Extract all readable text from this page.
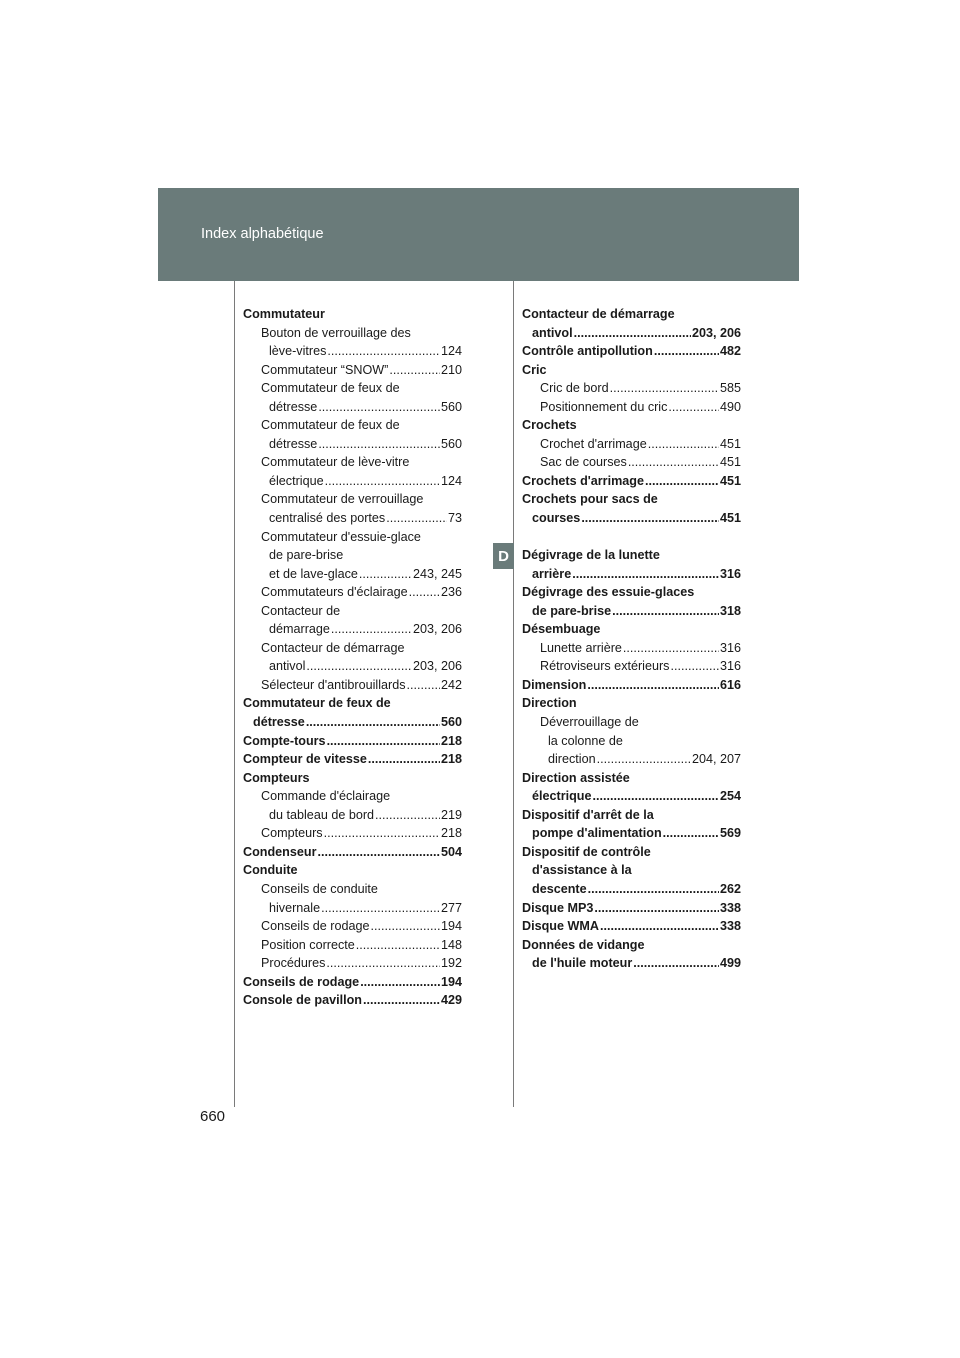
Index alphabétique
D
Commutateur
Bouton de verrouillage des
lève-vitres .....	124
Commutateur “SNOW” .....	210
Commutateur de feux de
détresse .....	560
Commutateur de feux de
détresse .....	560
Commutateur de lève-vitre
électrique .....	124
Commutateur de verrouillage
centralisé des portes .....	73
Commutateur d'essuie-glace
de pare-brise
et de lave-glace .....	243, 245
Commutateurs d'éclairage .....	236
Contacteur de
démarrage .....	203, 206
Contacteur de démarrage
antivol .....	203, 206
Sélecteur d'antibrouillards .....	242
Commutateur de feux de
détresse .....	560
Compte-tours .....	218
Compteur de vitesse .....	218
Compteurs
Commande d'éclairage
du tableau de bord .....	219
Compteurs .....	218
Condenseur .....	504
Conduite
Conseils de conduite
hivernale .....	277
Conseils de rodage .....	194
Position correcte .....	148
Procédures .....	192
Conseils de rodage .....	194
Console de pavillon .....	429
Contacteur de démarrage
antivol .....	203, 206
Contrôle antipollution .....	482
Cric
Cric de bord .....	585
Positionnement du cric .....	490
Crochets
Crochet d'arrimage .....	451
Sac de courses .....	451
Crochets d'arrimage .....	451
Crochets pour sacs de
courses .....	451
Dégivrage de la lunette
arrière .....	316
Dégivrage des essuie-glaces
de pare-brise .....	318
Désembuage
Lunette arrière .....	316
Rétroviseurs extérieurs .....	316
Dimension .....	616
Direction
Déverrouillage de
la colonne de
direction .....	204, 207
Direction assistée
électrique .....	254
Dispositif d'arrêt de la
pompe d'alimentation .....	569
Dispositif de contrôle
d'assistance à la
descente .....	262
Disque MP3 .....	338
Disque WMA .....	338
Données de vidange
de l'huile moteur .....	499
660
